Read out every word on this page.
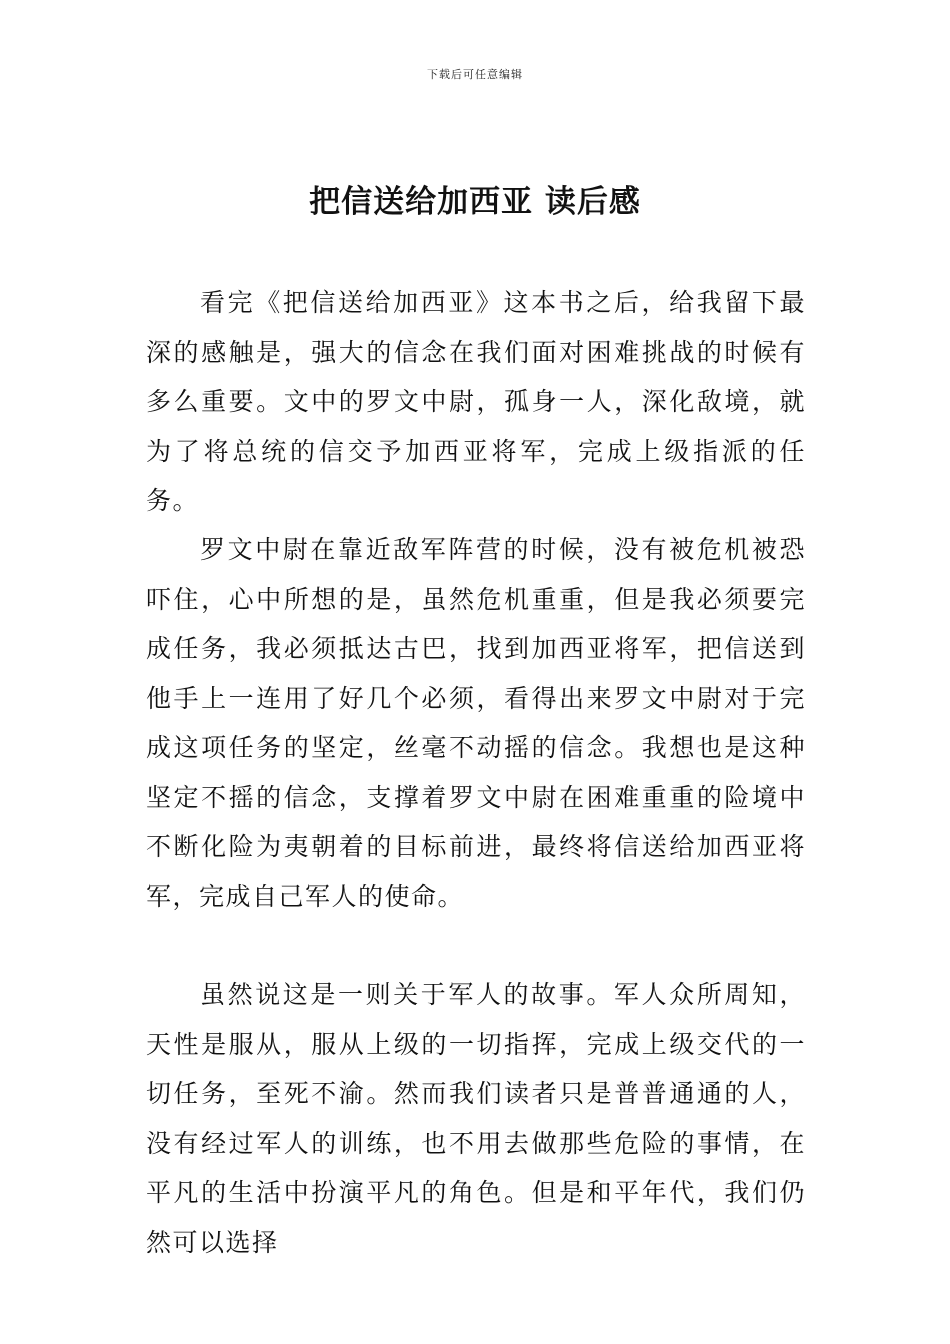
下载后可任意编辑
把信送给加西亚 读后感

看完《把信送给加西亚》这本书之后，给我留下最深的感触是，强大的信念在我们面对困难挑战的时候有多么重要。文中的罗文中尉，孤身一人，深化敌境，就为了将总统的信交予加西亚将军，完成上级指派的任务。

罗文中尉在靠近敌军阵营的时候，没有被危机被恐吓住，心中所想的是，虽然危机重重，但是我必须要完成任务，我必须抵达古巴，找到加西亚将军，把信送到他手上一连用了好几个必须，看得出来罗文中尉对于完成这项任务的坚定，丝毫不动摇的信念。我想也是这种坚定不摇的信念，支撑着罗文中尉在困难重重的险境中不断化险为夷朝着的目标前进，最终将信送给加西亚将军，完成自己军人的使命。

虽然说这是一则关于军人的故事。军人众所周知，天性是服从，服从上级的一切指挥，完成上级交代的一切任务，至死不渝。然而我们读者只是普普通通的人，没有经过军人的训练，也不用去做那些危险的事情，在平凡的生活中扮演平凡的角色。但是和平年代，我们仍然可以选择
